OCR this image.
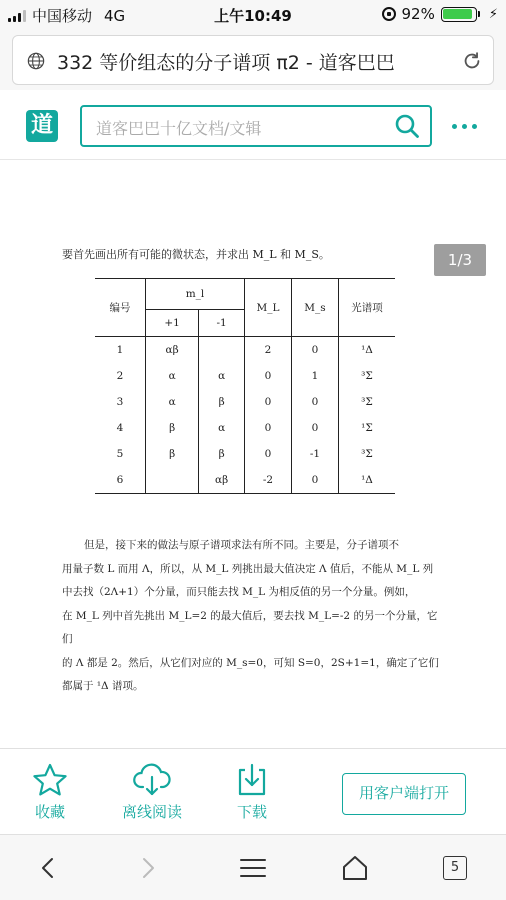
中国移动 4G	上午10:49	92%	⚡
332 等价组态的分子谱项 π2 - 道客巴巴
道	道客巴巴十亿文档/文辑
1/3
要首先画出所有可能的微状态，并求出 M_L 和 M_S。
编号	m_l		M_L	M_s	光谱项
	+1	-1			
1	αβ		2	0	¹Δ
2	α	α	0	1	³Σ
3	α	β	0	0	³Σ
4	β	α	0	0	¹Σ
5	β	β	0	-1	³Σ
6		αβ	-2	0	¹Δ

但是，接下来的做法与原子谱项求法有所不同。主要是，分子谱项不

用量子数 L 而用 Λ，所以，从 M_L 列挑出最大值决定 Λ 值后，不能从 M_L 列
中去找（2Λ+1）个分量，而只能去找 M_L 为相反值的另一个分量。例如，
在 M_L 列中首先挑出 M_L=2 的最大值后，要去找 M_L=-2 的另一个分量，它们
的 Λ 都是 2。然后，从它们对应的 M_s=0，可知 S=0，2S+1=1，确定了它们
都属于 ¹Δ 谱项。
收藏	离线阅读	下载
用客户端打开
5
